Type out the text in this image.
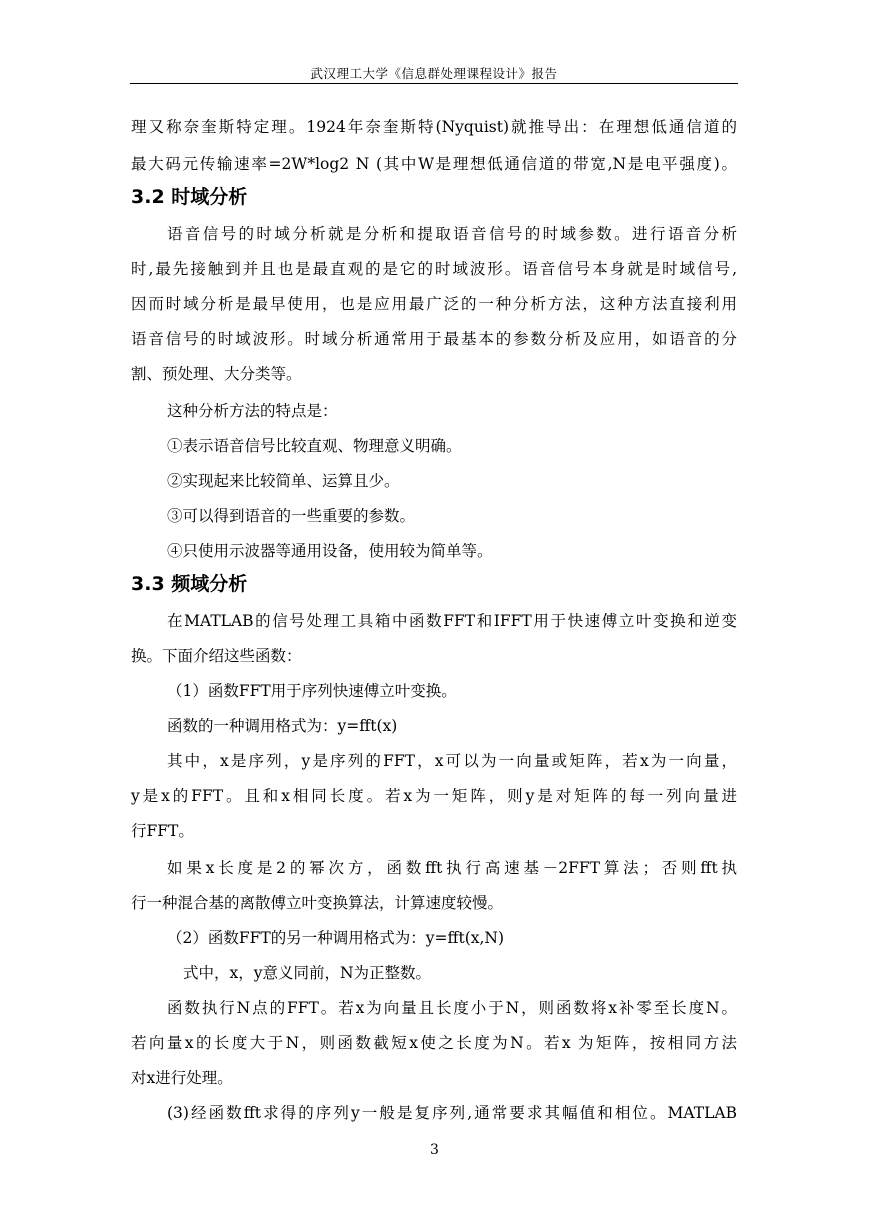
武汉理工大学《信息群处理课程设计》报告
理又称奈奎斯特定理。1924年奈奎斯特(Nyquist)就推导出：在理想低通信道的
最大码元传输速率=2W*log2 N (其中W是理想低通信道的带宽,N是电平强度)。
3.2 时域分析
语音信号的时域分析就是分析和提取语音信号的时域参数。进行语音分析
时,最先接触到并且也是最直观的是它的时域波形。语音信号本身就是时域信号,
因而时域分析是最早使用，也是应用最广泛的一种分析方法，这种方法直接利用
语音信号的时域波形。时域分析通常用于最基本的参数分析及应用，如语音的分
割、预处理、大分类等。
这种分析方法的特点是：
①表示语音信号比较直观、物理意义明确。
②实现起来比较简单、运算且少。
③可以得到语音的一些重要的参数。
④只使用示波器等通用设备，使用较为简单等。
3.3 频域分析
在MATLAB的信号处理工具箱中函数FFT和IFFT用于快速傅立叶变换和逆变
换。下面介绍这些函数：
（1）函数FFT用于序列快速傅立叶变换。
函数的一种调用格式为：y=fft(x)
其中，x是序列，y是序列的FFT，x可以为一向量或矩阵，若x为一向量，
y是x的FFT。且和x相同长度。若x为一矩阵，则y是对矩阵的每一列向量进
行FFT。
如果x长度是2的幂次方，函数fft执行高速基－2FFT算法；否则fft执
行一种混合基的离散傅立叶变换算法，计算速度较慢。
（2）函数FFT的另一种调用格式为：y=fft(x,N)
式中，x，y意义同前，N为正整数。
函数执行N点的FFT。若x为向量且长度小于N，则函数将x补零至长度N。
若向量x的长度大于N，则函数截短x使之长度为N。若x 为矩阵，按相同方法
对x进行处理。
(3)经函数fft求得的序列y一般是复序列,通常要求其幅值和相位。MATLAB
3
